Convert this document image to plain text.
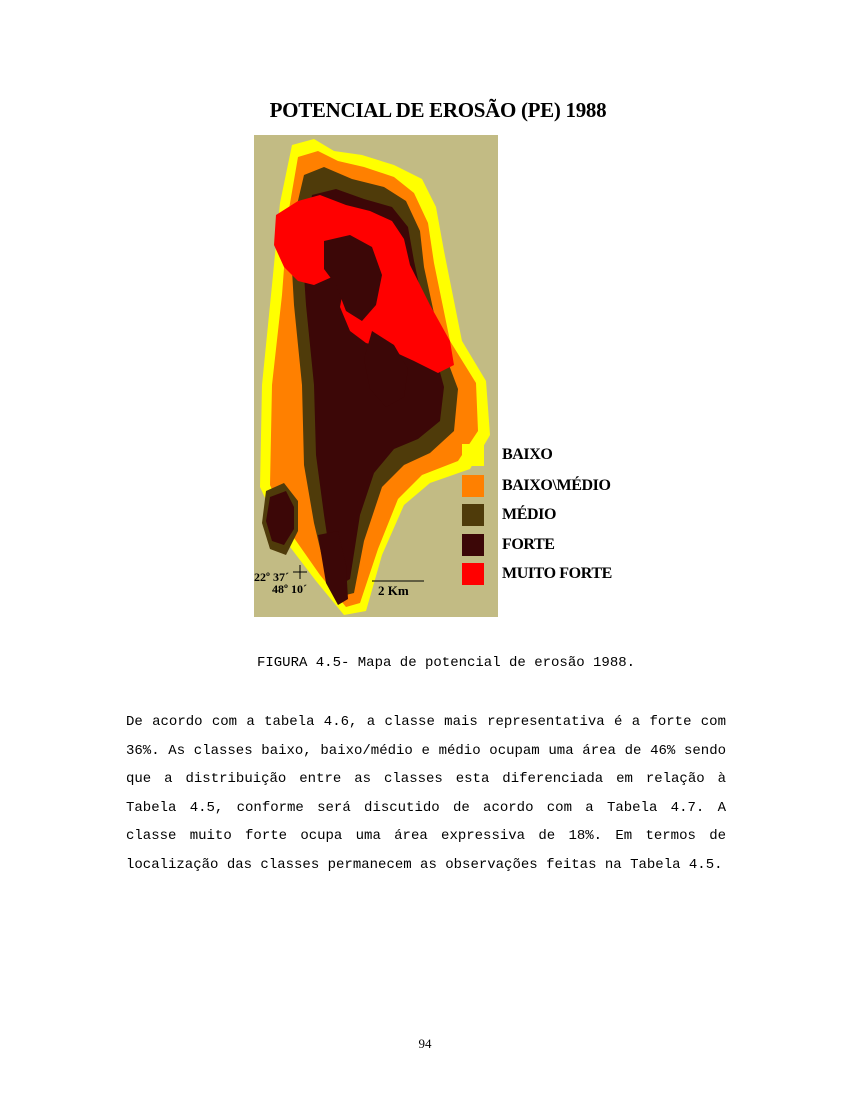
POTENCIAL DE EROSÃO (PE) 1988
22º 37´
48º 10´	2 Km
BAIXO
BAIXO\MÉDIO
MÉDIO
FORTE
MUITO FORTE
FIGURA 4.5- Mapa de potencial de erosão 1988.
De acordo com a tabela 4.6, a classe mais representativa é a forte com 36%. As classes baixo, baixo/médio e médio ocupam uma área de 46% sendo que a distribuição entre as classes esta diferenciada em relação à Tabela 4.5, conforme será discutido de acordo com a Tabela 4.7. A classe muito forte ocupa uma área expressiva de 18%. Em termos de localização das classes permanecem as observações feitas na Tabela 4.5.
94
